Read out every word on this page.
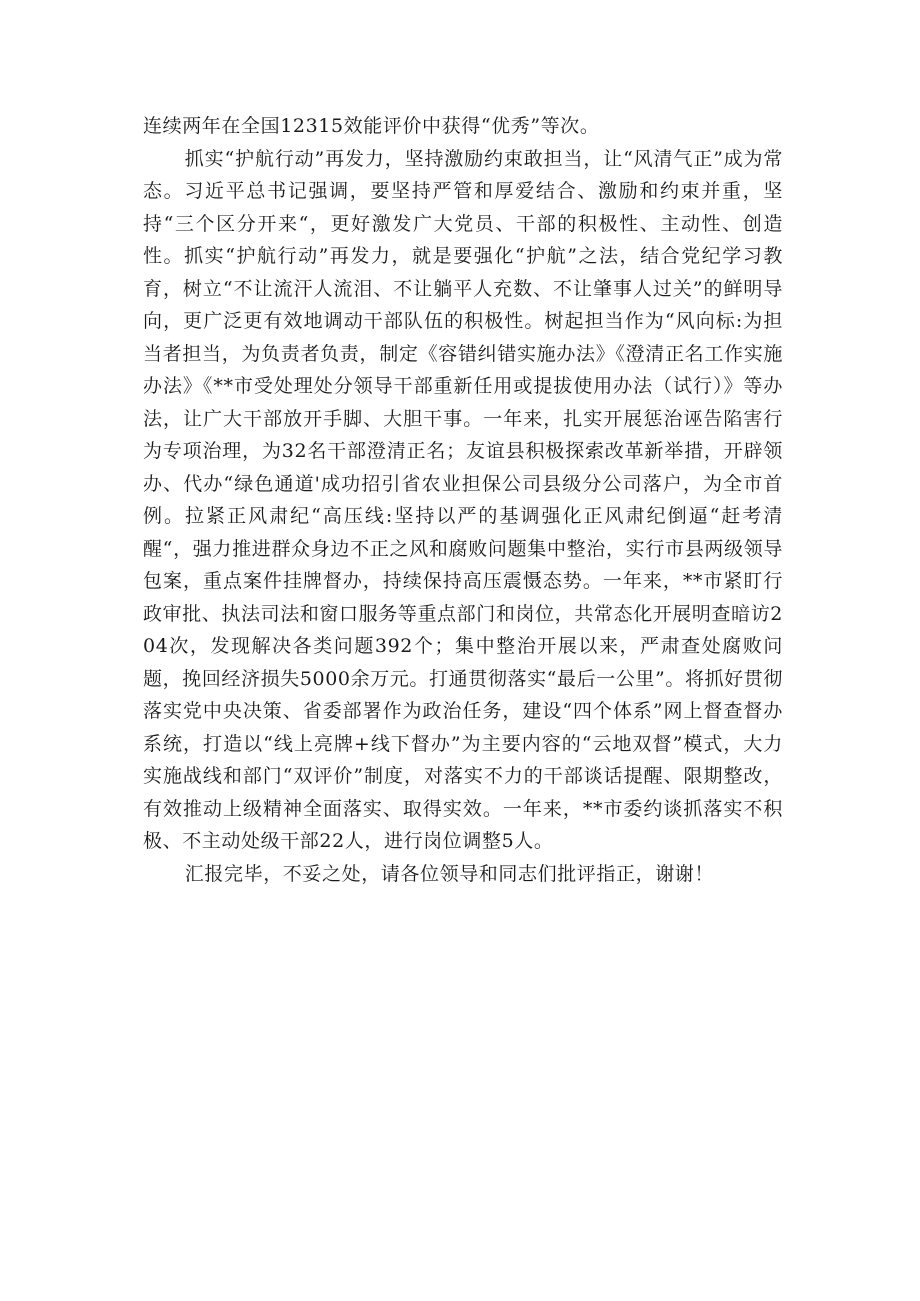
连续两年在全国12315效能评价中获得“优秀”等次。

抓实“护航行动”再发力，坚持激励约束敢担当，让“风清气正”成为常态。习近平总书记强调，要坚持严管和厚爱结合、激励和约束并重，坚持“三个区分开来“，更好激发广大党员、干部的积极性、主动性、创造性。抓实“护航行动”再发力，就是要强化“护航”之法，结合党纪学习教育，树立“不让流汗人流泪、不让躺平人充数、不让肇事人过关”的鲜明导向，更广泛更有效地调动干部队伍的积极性。树起担当作为“风向标:为担当者担当，为负责者负责，制定《容错纠错实施办法》《澄清正名工作实施办法》《**市受处理处分领导干部重新任用或提拔使用办法（试行）》等办法，让广大干部放开手脚、大胆干事。一年来，扎实开展惩治诬告陷害行为专项治理，为32名干部澄清正名；友谊县积极探索改革新举措，开辟领办、代办“绿色通道'成功招引省农业担保公司县级分公司落户，为全市首例。拉紧正风肃纪“高压线:坚持以严的基调强化正风肃纪倒逼“赶考清醒“，强力推进群众身边不正之风和腐败问题集中整治，实行市县两级领导包案，重点案件挂牌督办，持续保持高压震慑态势。一年来，**市紧盯行政审批、执法司法和窗口服务等重点部门和岗位，共常态化开展明查暗访204次，发现解决各类问题392个；集中整治开展以来，严肃查处腐败问题，挽回经济损失5000余万元。打通贯彻落实“最后一公里”。将抓好贯彻落实党中央决策、省委部署作为政治任务，建设“四个体系”网上督查督办系统，打造以“线上亮牌+线下督办”为主要内容的“云地双督”模式，大力实施战线和部门“双评价”制度，对落实不力的干部谈话提醒、限期整改，有效推动上级精神全面落实、取得实效。一年来，**市委约谈抓落实不积极、不主动处级干部22人，进行岗位调整5人。

汇报完毕，不妥之处，请各位领导和同志们批评指正，谢谢！
